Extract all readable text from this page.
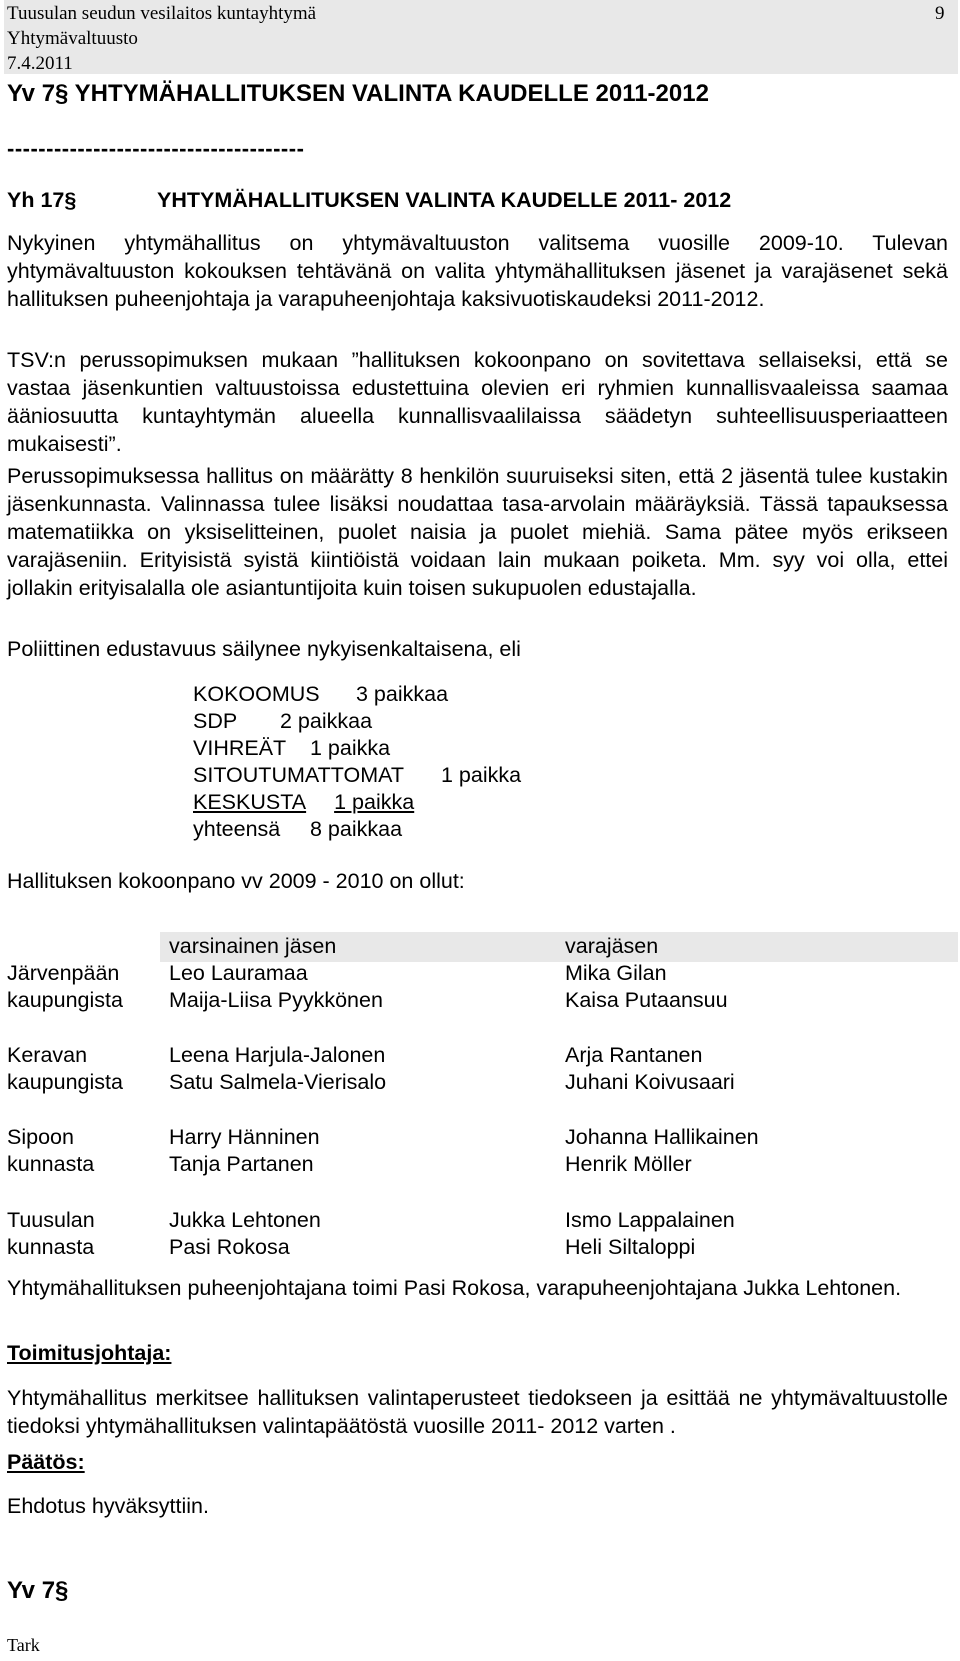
Tuusulan seudun vesilaitos kuntayhtymä
Yhtymävaltuusto
7.4.2011
9
Yv 7§ YHTYMÄHALLITUKSEN VALINTA KAUDELLE 2011-2012
--------------------------------------
Yh 17§	YHTYMÄHALLITUKSEN VALINTA KAUDELLE 2011- 2012

Nykyinen yhtymähallitus on yhtymävaltuuston valitsema vuosille 2009-10. Tulevan yhtymävaltuuston kokouksen tehtävänä on valita yhtymähallituksen jäsenet ja varajäsenet sekä hallituksen puheenjohtaja ja varapuheenjohtaja kaksivuotiskaudeksi 2011-2012.

TSV:n perussopimuksen mukaan ”hallituksen kokoonpano on sovitettava sellaiseksi, että se vastaa jäsenkuntien valtuustoissa edustettuina olevien eri ryhmien kunnallisvaaleissa saamaa ääniosuutta kuntayhtymän alueella kunnallisvaalilaissa säädetyn suhteellisuusperiaatteen mukaisesti”.

Perussopimuksessa hallitus on määrätty 8 henkilön suuruiseksi siten, että 2 jäsentä tulee kustakin jäsenkunnasta. Valinnassa tulee lisäksi noudattaa tasa-arvolain määräyksiä. Tässä tapauksessa matematiikka on yksiselitteinen, puolet naisia ja puolet miehiä. Sama pätee myös erikseen varajäseniin. Erityisistä syistä kiintiöistä voidaan lain mukaan poiketa. Mm. syy voi olla, ettei jollakin erityisalalla ole asiantuntijoita kuin toisen sukupuolen edustajalla.

Poliittinen edustavuus säilynee nykyisenkaltaisena, eli

KOKOOMUS 3 paikkaa
SDP 2 paikkaa
VIHREÄT 1 paikka
SITOUTUMATTOMAT 1 paikka
KESKUSTA 1 paikka
yhteensä 8 paikkaa
Hallituksen kokoonpano vv 2009 - 2010 on ollut:
varsinainen jäsen	varajäsen
Järvenpään
kaupungista
Leo Lauramaa
Maija-Liisa Pyykkönen
Mika Gilan
Kaisa Putaansuu
Keravan
kaupungista
Leena Harjula-Jalonen
Satu Salmela-Vierisalo
Arja Rantanen
Juhani Koivusaari
Sipoon
kunnasta
Harry Hänninen
Tanja Partanen
Johanna Hallikainen
Henrik Möller
Tuusulan
kunnasta
Jukka Lehtonen
Pasi Rokosa
Ismo Lappalainen
Heli Siltaloppi

Yhtymähallituksen puheenjohtajana toimi Pasi Rokosa, varapuheenjohtajana Jukka Lehtonen.

Toimitusjohtaja:

Yhtymähallitus merkitsee hallituksen valintaperusteet tiedokseen ja esittää ne yhtymävaltuustolle tiedoksi yhtymähallituksen valintapäätöstä vuosille 2011- 2012 varten .

Päätös:
Ehdotus hyväksyttiin.
Yv 7§
Tark
